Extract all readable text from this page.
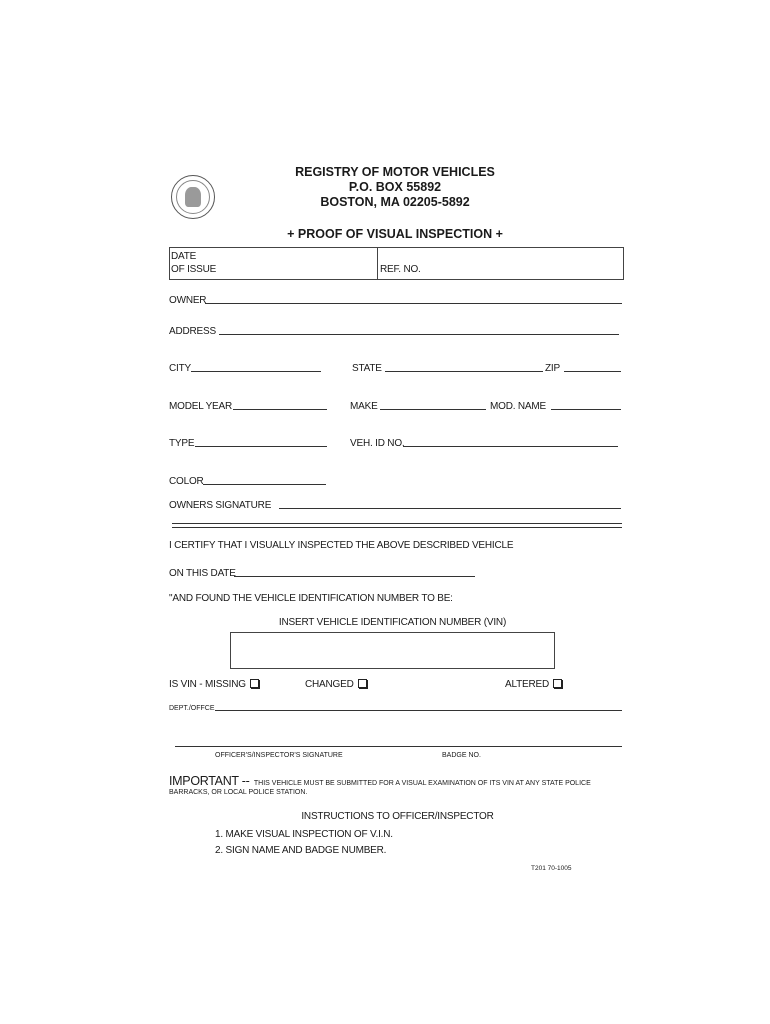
REGISTRY OF MOTOR VEHICLES
P.O. BOX 55892
BOSTON, MA 02205-5892
+ PROOF OF VISUAL INSPECTION +
DATE
OF ISSUE	REF. NO.
OWNER
ADDRESS
CITY	STATE	ZIP
MODEL YEAR	MAKE	MOD. NAME
TYPE	VEH. ID NO.
COLOR
OWNERS SIGNATURE
I CERTIFY THAT I VISUALLY INSPECTED THE ABOVE DESCRIBED VEHICLE
ON THIS DATE
"AND FOUND THE VEHICLE IDENTIFICATION NUMBER TO BE:
INSERT VEHICLE IDENTIFICATION NUMBER (VIN)
IS VIN - MISSING	CHANGED	ALTERED
DEPT./OFFCE
OFFICER'S/INSPECTOR'S SIGNATURE	BADGE NO.
IMPORTANT -- THIS VEHICLE MUST BE SUBMITTED FOR A VISUAL EXAMINATION OF ITS VIN AT ANY STATE POLICE
BARRACKS, OR LOCAL POLICE STATION.
INSTRUCTIONS TO OFFICER/INSPECTOR
1. MAKE VISUAL INSPECTION OF V.I.N.
2. SIGN NAME AND BADGE NUMBER.
T201 70-1005
